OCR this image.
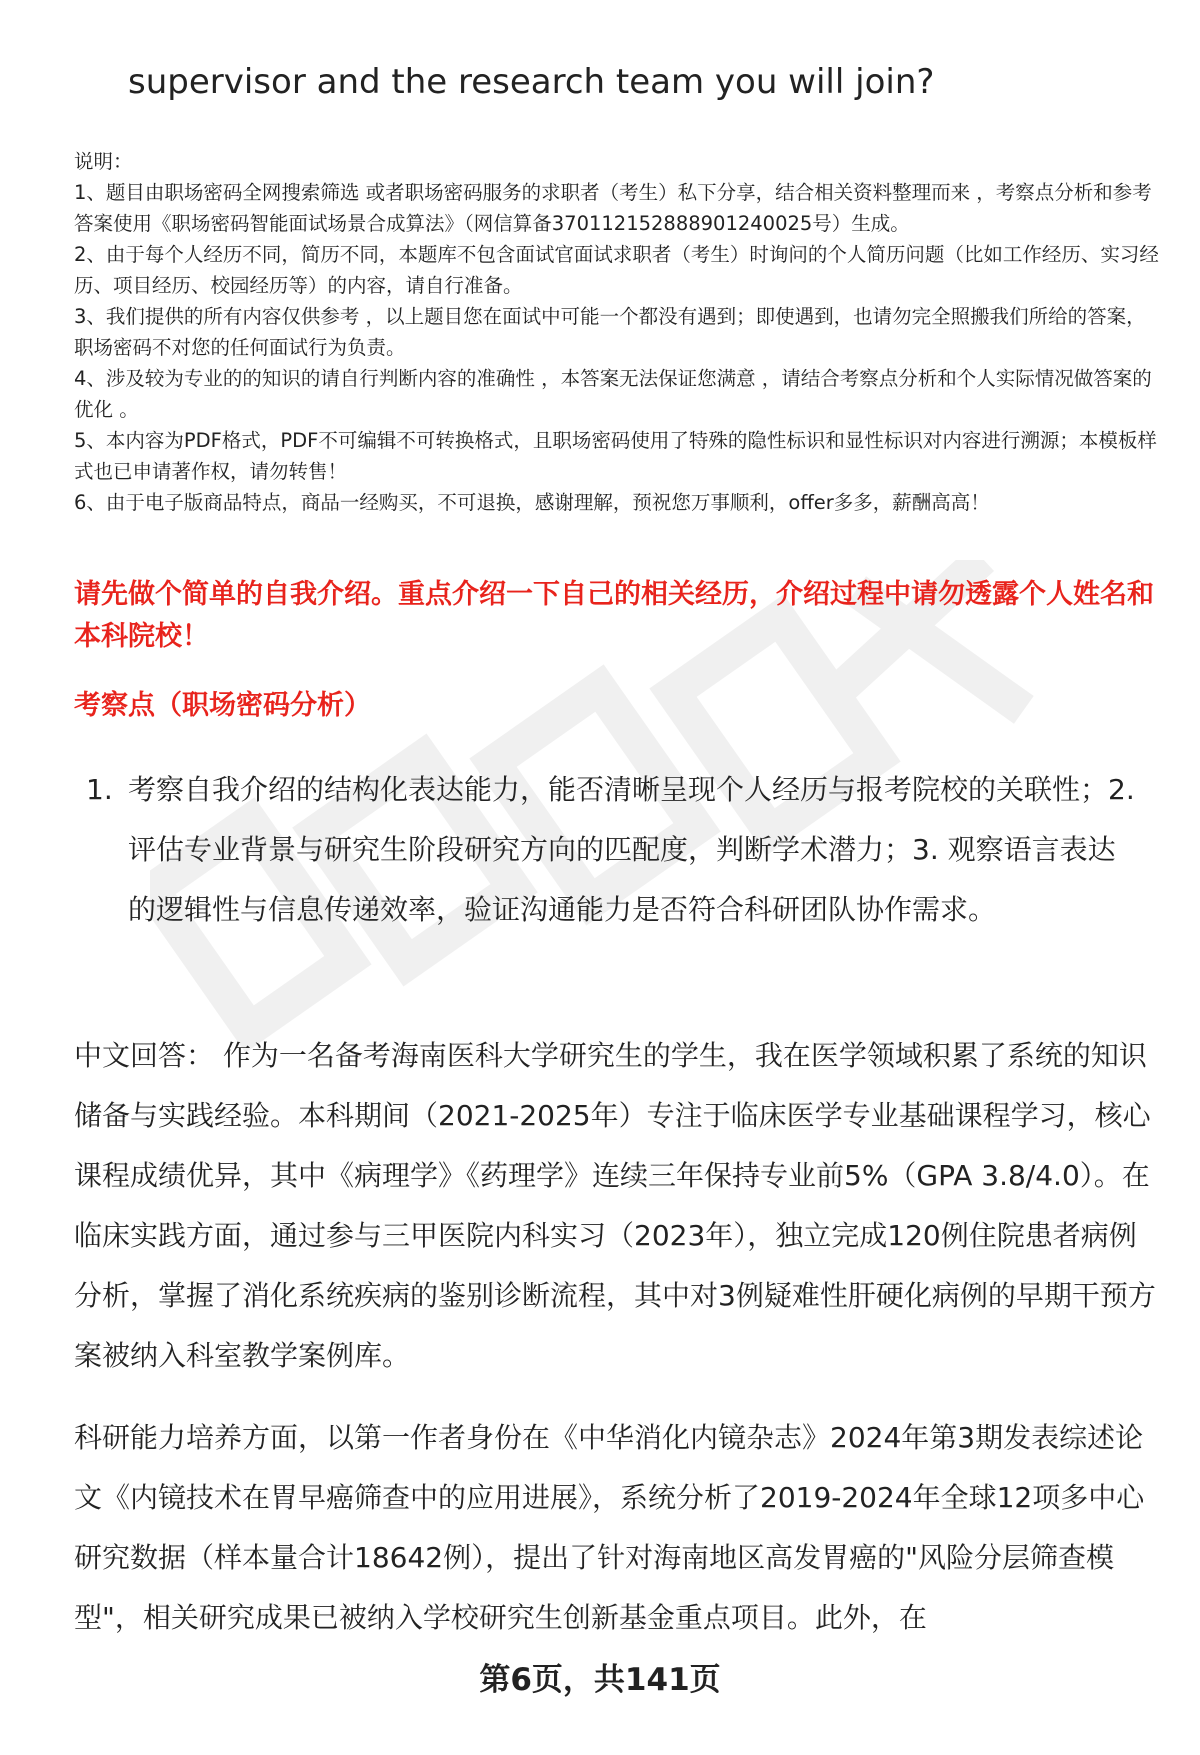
supervisor and the research team you will join?
说明：
1、题目由职场密码全网搜索筛选 或者职场密码服务的求职者（考生）私下分享，结合相关资料整理而来 ，考察点分析和参考答案使用《职场密码智能面试场景合成算法》（网信算备370112152888901240025号）生成。
2、由于每个人经历不同，简历不同，本题库不包含面试官面试求职者（考生）时询问的个人简历问题（比如工作经历、实习经历、项目经历、校园经历等）的内容，请自行准备。
3、我们提供的所有内容仅供参考 ，以上题目您在面试中可能一个都没有遇到；即使遇到，也请勿完全照搬我们所给的答案，职场密码不对您的任何面试行为负责。
4、涉及较为专业的的知识的请自行判断内容的准确性 ，本答案无法保证您满意 ，请结合考察点分析和个人实际情况做答案的优化 。
5、本内容为PDF格式，PDF不可编辑不可转换格式，且职场密码使用了特殊的隐性标识和显性标识对内容进行溯源；本模板样式也已申请著作权，请勿转售！
6、由于电子版商品特点，商品一经购买，不可退换，感谢理解，预祝您万事顺利，offer多多，薪酬高高！
请先做个简单的自我介绍。重点介绍一下自己的相关经历，介绍过程中请勿透露个人姓名和本科院校！
考察点（职场密码分析）
1. 考察自我介绍的结构化表达能力，能否清晰呈现个人经历与报考院校的关联性；2. 评估专业背景与研究生阶段研究方向的匹配度，判断学术潜力；3. 观察语言表达的逻辑性与信息传递效率，验证沟通能力是否符合科研团队协作需求。

中文回答： 作为一名备考海南医科大学研究生的学生，我在医学领域积累了系统的知识储备与实践经验。本科期间（2021-2025年）专注于临床医学专业基础课程学习，核心课程成绩优异，其中《病理学》《药理学》连续三年保持专业前5%（GPA 3.8/4.0）。在临床实践方面，通过参与三甲医院内科实习（2023年），独立完成120例住院患者病例分析，掌握了消化系统疾病的鉴别诊断流程，其中对3例疑难性肝硬化病例的早期干预方案被纳入科室教学案例库。

科研能力培养方面，以第一作者身份在《中华消化内镜杂志》2024年第3期发表综述论文《内镜技术在胃早癌筛查中的应用进展》，系统分析了2019-2024年全球12项多中心研究数据（样本量合计18642例），提出了针对海南地区高发胃癌的"风险分层筛查模型"，相关研究成果已被纳入学校研究生创新基金重点项目。此外，在

第6页，共141页
